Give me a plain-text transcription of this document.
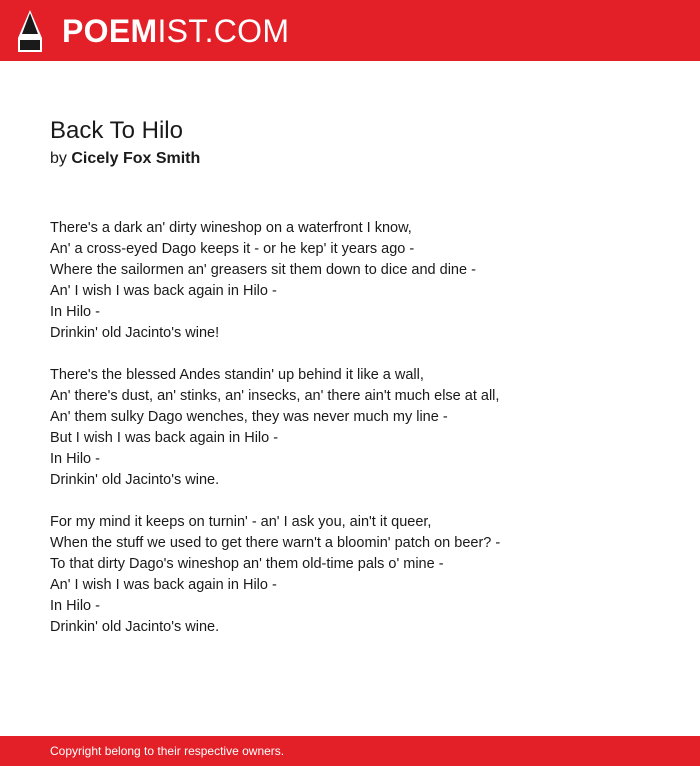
POEMIST.COM
Back To Hilo
by Cicely Fox Smith
There's a dark an' dirty wineshop on a waterfront I know,
An' a cross-eyed Dago keeps it - or he kep' it years ago -
Where the sailormen an' greasers sit them down to dice and dine -
An' I wish I was back again in Hilo -
In Hilo -
Drinkin' old Jacinto's wine!
There's the blessed Andes standin' up behind it like a wall,
An' there's dust, an' stinks, an' insecks, an' there ain't much else at all,
An' them sulky Dago wenches, they was never much my line -
But I wish I was back again in Hilo -
In Hilo -
Drinkin' old Jacinto's wine.
For my mind it keeps on turnin' - an' I ask you, ain't it queer,
When the stuff we used to get there warn't a bloomin' patch on beer? -
To that dirty Dago's wineshop an' them old-time pals o' mine -
An' I wish I was back again in Hilo -
In Hilo -
Drinkin' old Jacinto's wine.
Copyright belong to their respective owners.
